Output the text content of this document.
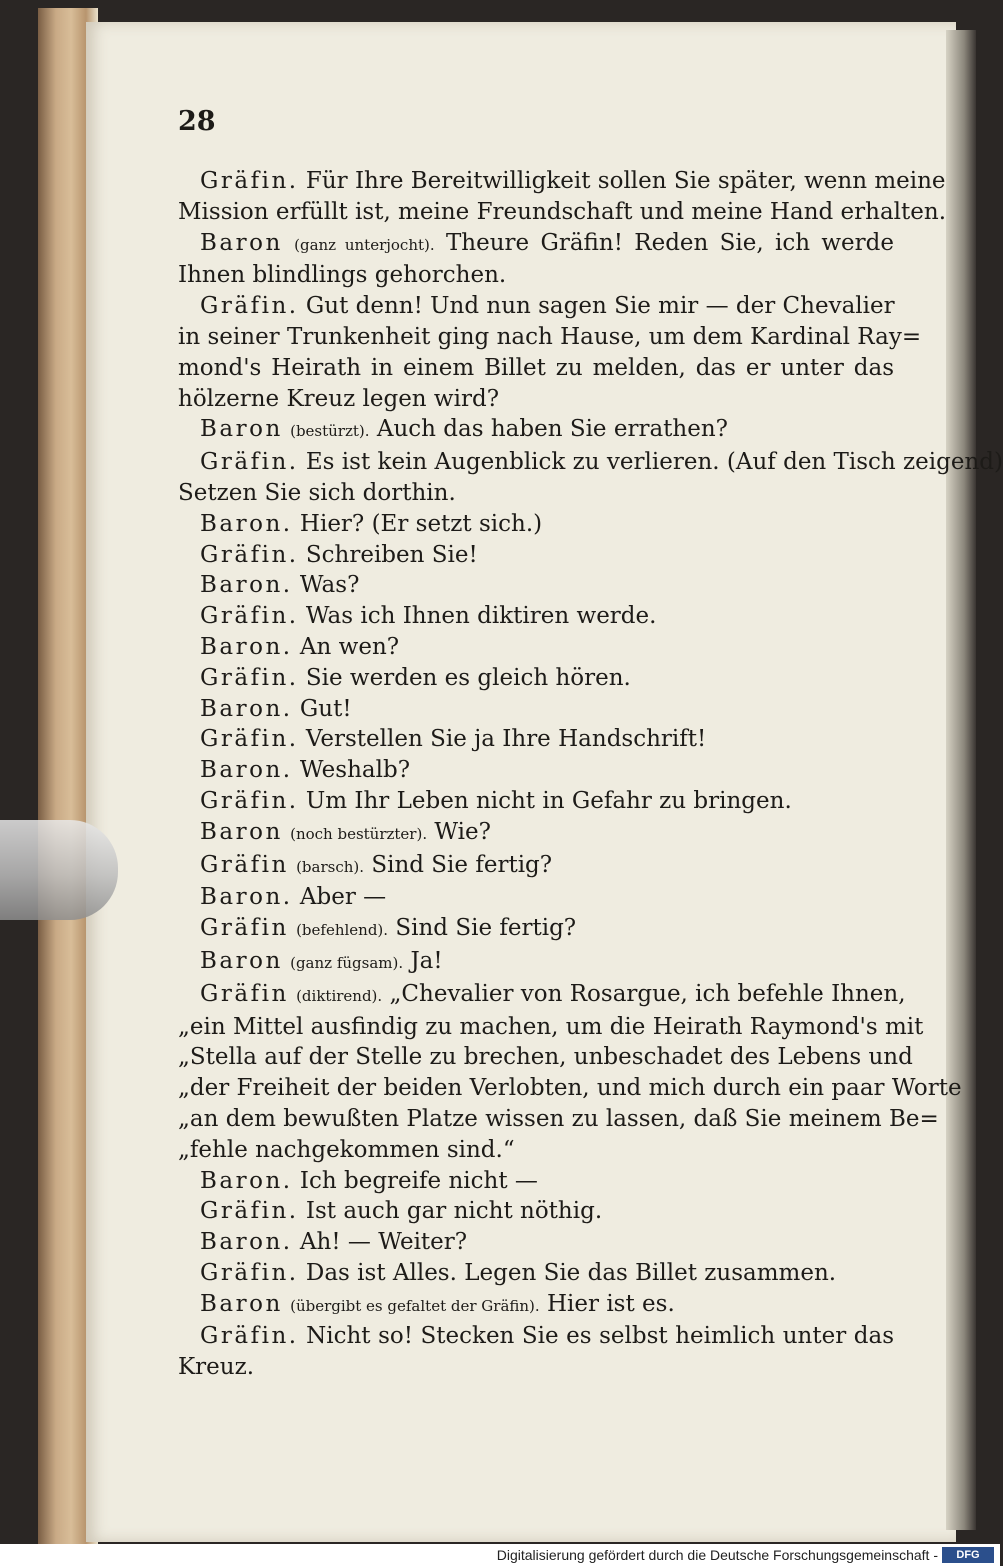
28
Gräfin. Für Ihre Bereitwilligkeit sollen Sie später, wenn meine
Mission erfüllt ist, meine Freundschaft und meine Hand erhalten.
Baron (ganz unterjocht). Theure Gräfin! Reden Sie, ich werde
Ihnen blindlings gehorchen.
Gräfin. Gut denn! Und nun sagen Sie mir — der Chevalier
in seiner Trunkenheit ging nach Hause, um dem Kardinal Ray=
mond's Heirath in einem Billet zu melden, das er unter das
hölzerne Kreuz legen wird?
Baron (bestürzt). Auch das haben Sie errathen?
Gräfin. Es ist kein Augenblick zu verlieren. (Auf den Tisch zeigend)
Setzen Sie sich dorthin.
Baron. Hier? (Er setzt sich.)
Gräfin. Schreiben Sie!
Baron. Was?
Gräfin. Was ich Ihnen diktiren werde.
Baron. An wen?
Gräfin. Sie werden es gleich hören.
Baron. Gut!
Gräfin. Verstellen Sie ja Ihre Handschrift!
Baron. Weshalb?
Gräfin. Um Ihr Leben nicht in Gefahr zu bringen.
Baron (noch bestürzter). Wie?
Gräfin (barsch). Sind Sie fertig?
Baron. Aber —
Gräfin (befehlend). Sind Sie fertig?
Baron (ganz fügsam). Ja!
Gräfin (diktirend). „Chevalier von Rosargue, ich befehle Ihnen,
„ein Mittel ausfindig zu machen, um die Heirath Raymond's mit
„Stella auf der Stelle zu brechen, unbeschadet des Lebens und
„der Freiheit der beiden Verlobten, und mich durch ein paar Worte
„an dem bewußten Platze wissen zu lassen, daß Sie meinem Be=
„fehle nachgekommen sind.“
Baron. Ich begreife nicht —
Gräfin. Ist auch gar nicht nöthig.
Baron. Ah! — Weiter?
Gräfin. Das ist Alles. Legen Sie das Billet zusammen.
Baron (übergibt es gefaltet der Gräfin). Hier ist es.
Gräfin. Nicht so! Stecken Sie es selbst heimlich unter das
Kreuz.
Digitalisierung gefördert durch die Deutsche Forschungsgemeinschaft -	DFG
